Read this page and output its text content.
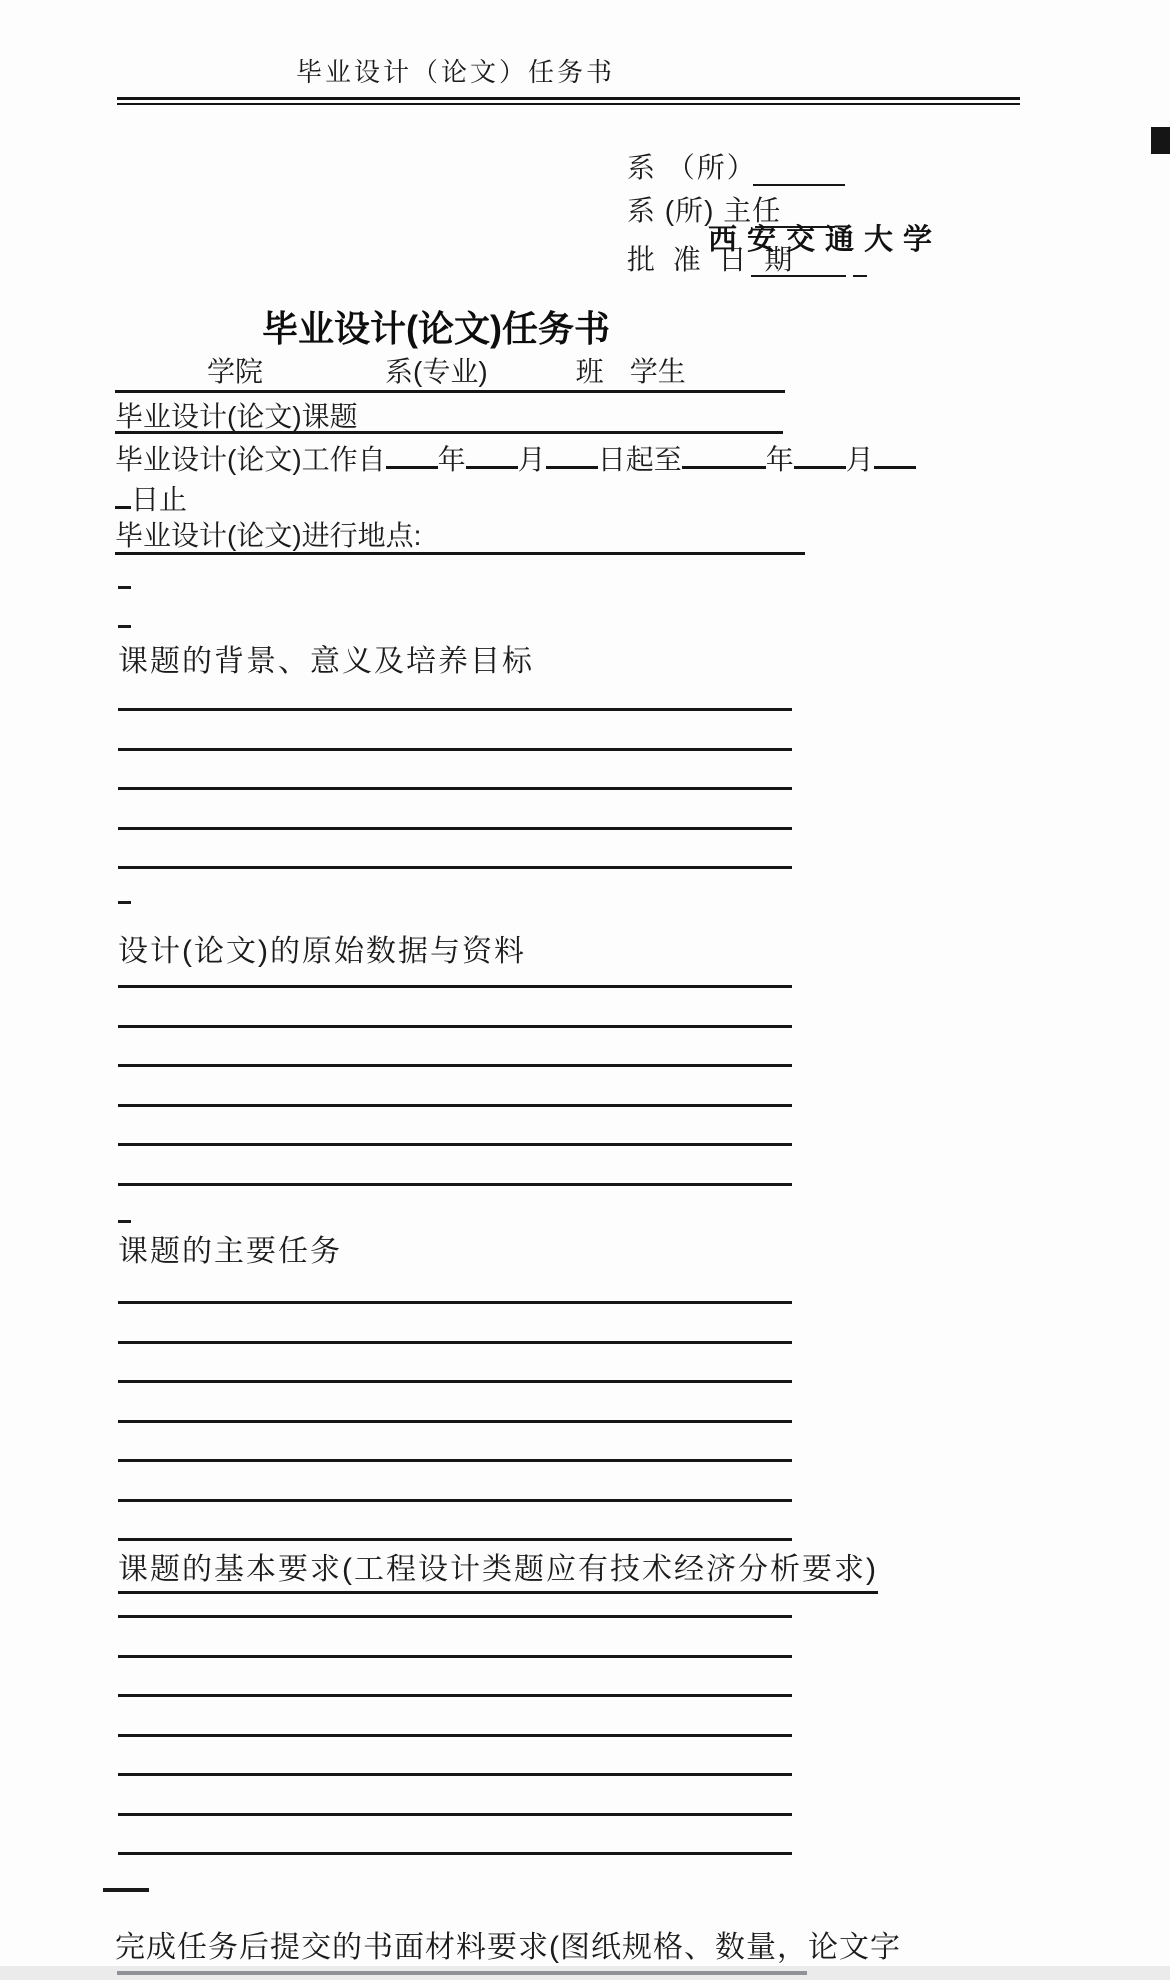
毕业设计（论文）任务书
系 （所）
系 (所) 主任
批 准 日 期
西安交通大学
毕业设计(论文)任务书
学院	系(专业)	班 学生
毕业设计(论文)课题
毕业设计(论文)工作自 年 月 日起至	年 月
日止
毕业设计(论文)进行地点:
课题的背景、意义及培养目标
设计(论文)的原始数据与资料
课题的主要任务
课题的基本要求(工程设计类题应有技术经济分析要求)
完成任务后提交的书面材料要求(图纸规格、数量，论文字
